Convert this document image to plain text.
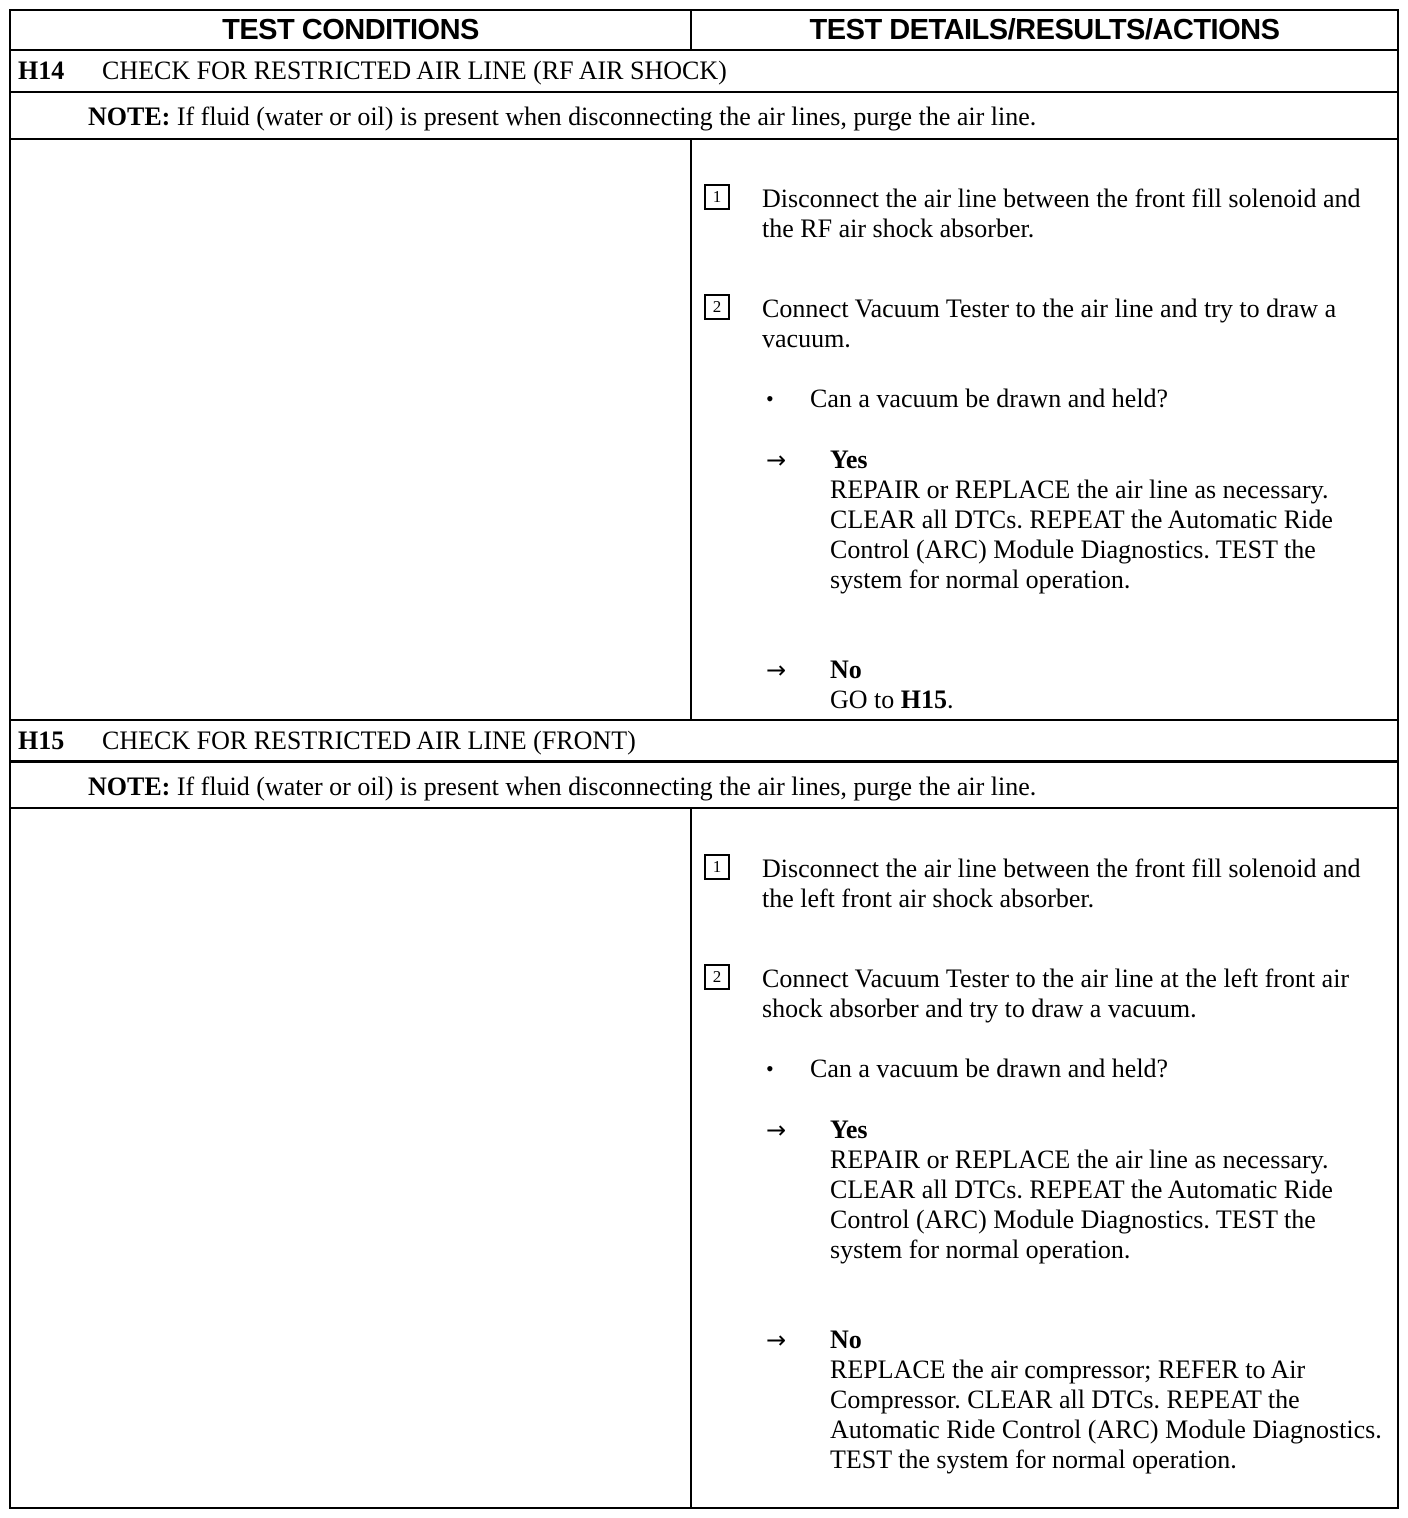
TEST CONDITIONS	TEST DETAILS/RESULTS/ACTIONS
H14 CHECK FOR RESTRICTED AIR LINE (RF AIR SHOCK)
NOTE: If fluid (water or oil) is present when disconnecting the air lines, purge the air line.
1	Disconnect the air line between the front fill solenoid and the RF air shock absorber.
2	Connect Vacuum Tester to the air line and try to draw a vacuum.
• Can a vacuum be drawn and held?
→ Yes
REPAIR or REPLACE the air line as necessary. CLEAR all DTCs. REPEAT the Automatic Ride Control (ARC) Module Diagnostics. TEST the system for normal operation.
→ No
GO to H15.
H15 CHECK FOR RESTRICTED AIR LINE (FRONT)
NOTE: If fluid (water or oil) is present when disconnecting the air lines, purge the air line.
1	Disconnect the air line between the front fill solenoid and the left front air shock absorber.
2	Connect Vacuum Tester to the air line at the left front air shock absorber and try to draw a vacuum.
• Can a vacuum be drawn and held?
→ Yes
REPAIR or REPLACE the air line as necessary. CLEAR all DTCs. REPEAT the Automatic Ride Control (ARC) Module Diagnostics. TEST the system for normal operation.
→ No
REPLACE the air compressor; REFER to Air Compressor. CLEAR all DTCs. REPEAT the Automatic Ride Control (ARC) Module Diagnostics. TEST the system for normal operation.
